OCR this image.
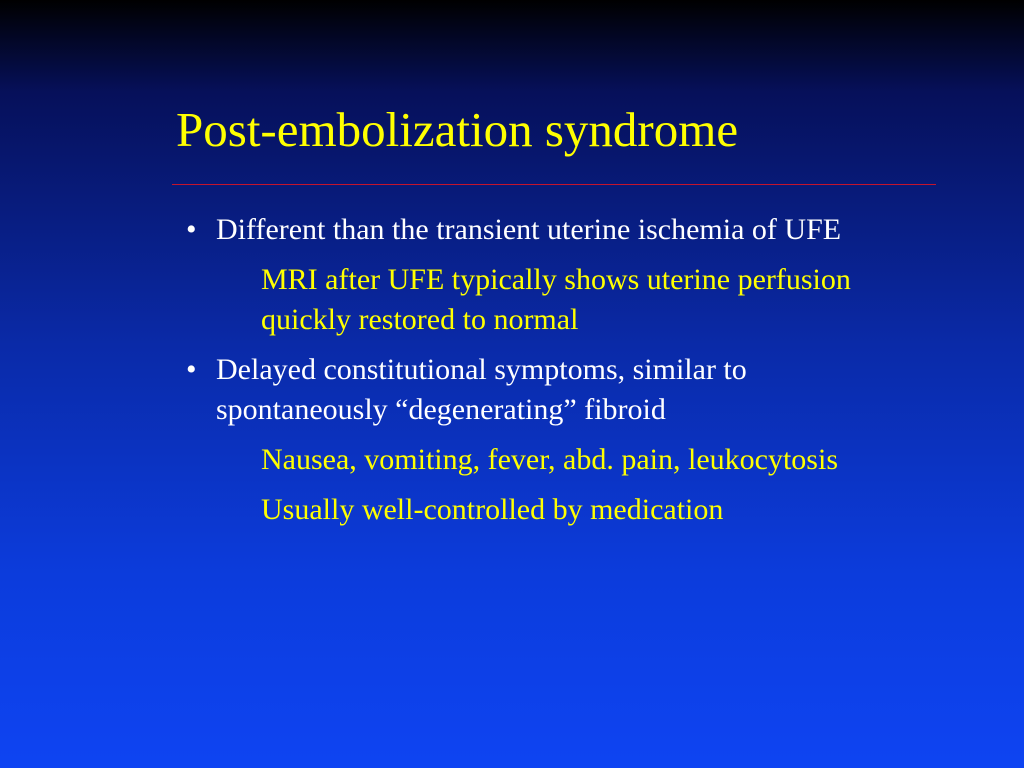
Post-embolization syndrome
• Different than the transient uterine ischemia of UFE
MRI after UFE typically shows uterine perfusion quickly restored to normal
• Delayed constitutional symptoms, similar to spontaneously “degenerating” fibroid
Nausea, vomiting, fever, abd. pain, leukocytosis
Usually well-controlled by medication
